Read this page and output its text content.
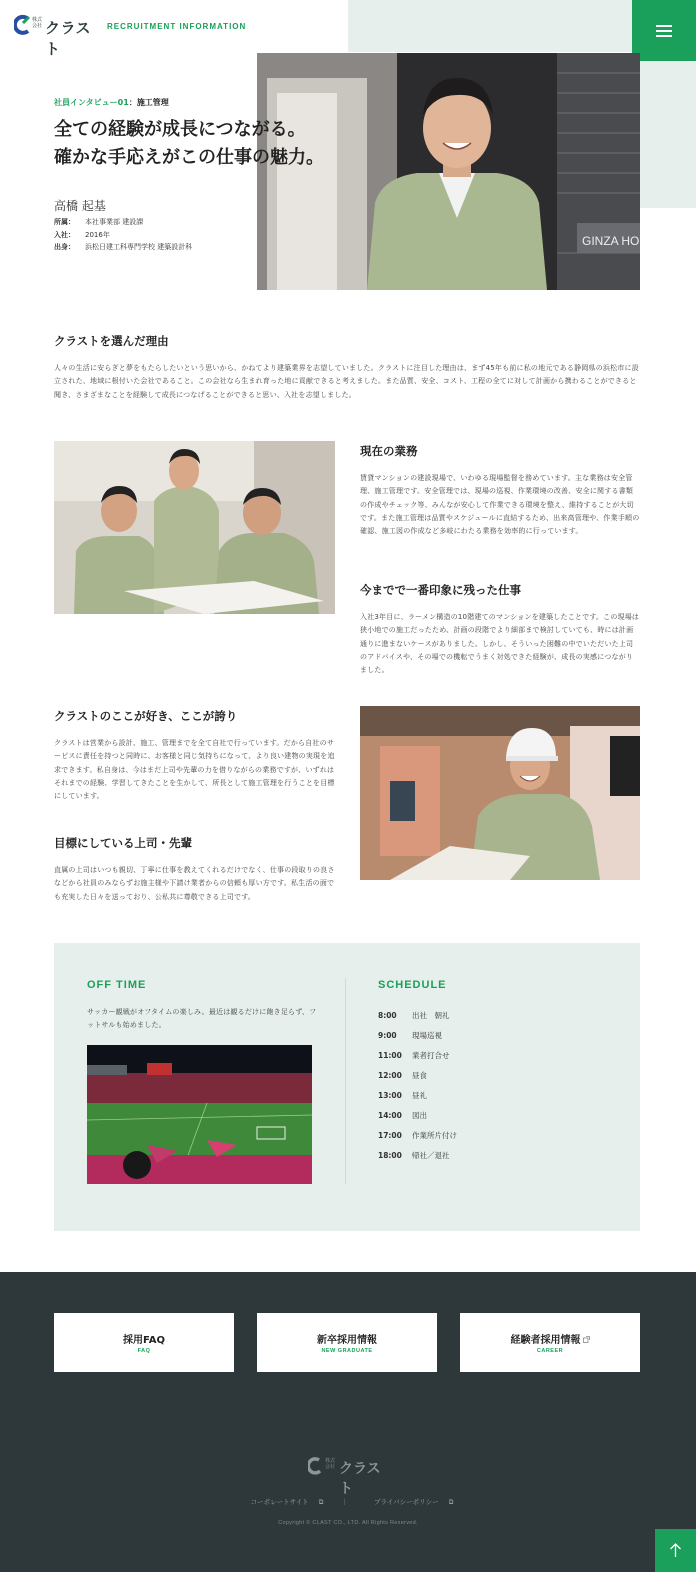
株式会社 クラスト
RECRUITMENT INFORMATION
GINZA HO
社員インタビュー01：施工管理
全ての経験が成長につながる。
確かな手応えがこの仕事の魅力。
高橋 起基
所属： 本社事業部 建設課
入社： 2016年
出身： 浜松日建工科専門学校 建築設計科
クラストを選んだ理由
人々の生活に安らぎと夢をもたらしたいという思いから、かねてより建築業界を志望していました。クラストに注目した理由は、まず45年も前に私の地元である静岡県の浜松市に設立された、地域に根付いた会社であること。この会社なら生まれ育った地に貢献できると考えました。また品質、安全、コスト、工程の全てに対して計画から携わることができると聞き、さまざまなことを経験して成長につなげることができると思い、入社を志望しました。
現在の業務
賃貸マンションの建設現場で、いわゆる現場監督を務めています。主な業務は安全管理、施工管理です。安全管理では、現場の巡視、作業環境の改善、安全に関する書類の作成やチェック等、みんなが安心して作業できる環境を整え、維持することが大切です。また施工管理は品質やスケジュールに直結するため、出来高管理や、作業手順の確認、施工図の作成など多岐にわたる業務を効率的に行っています。
今までで一番印象に残った仕事
入社3年目に、ラーメン構造の10階建てのマンションを建築したことです。この現場は狭小地での施工だったため、計画の段階でより細部まで検討していても、時には計画通りに進まないケースがありました。しかし、そういった困難の中でいただいた上司のアドバイスや、その場での機転でうまく対処できた経験が、成長の実感につながりました。
クラストのここが好き、ここが誇り
クラストは営業から設計、施工、管理までを全て自社で行っています。だから自社のサービスに責任を持つと同時に、お客様と同じ気持ちになって、より良い建物の実現を追求できます。私自身は、今はまだ上司や先輩の力を借りながらの業務ですが、いずれはそれまでの経験、学習してきたことを生かして、所長として施工管理を行うことを目標にしています。
目標にしている上司・先輩
直属の上司はいつも親切、丁寧に仕事を教えてくれるだけでなく、仕事の段取りの良さなどから社員のみならずお施主様や下請け業者からの信頼も厚い方です。私生活の面でも充実した日々を送っており、公私共に尊敬できる上司です。
OFF TIME
サッカー観戦がオフタイムの楽しみ。最近は観るだけに飽き足らず、フットサルも始めました。
SCHEDULE
8:00 出社　朝礼
9:00 現場巡視
11:00 業者打合せ
12:00 昼食
13:00 昼礼
14:00 図出
17:00 作業所片付け
18:00 帰社／退社
採用FAQ
FAQ
新卒採用情報
NEW GRADUATE
経験者採用情報
CAREER
株式会社 クラスト
コーポレートサイト ⧉	｜	プライバシーポリシー ⧉
Copyright © CLAST CO., LTD. All Rights Reserved.
